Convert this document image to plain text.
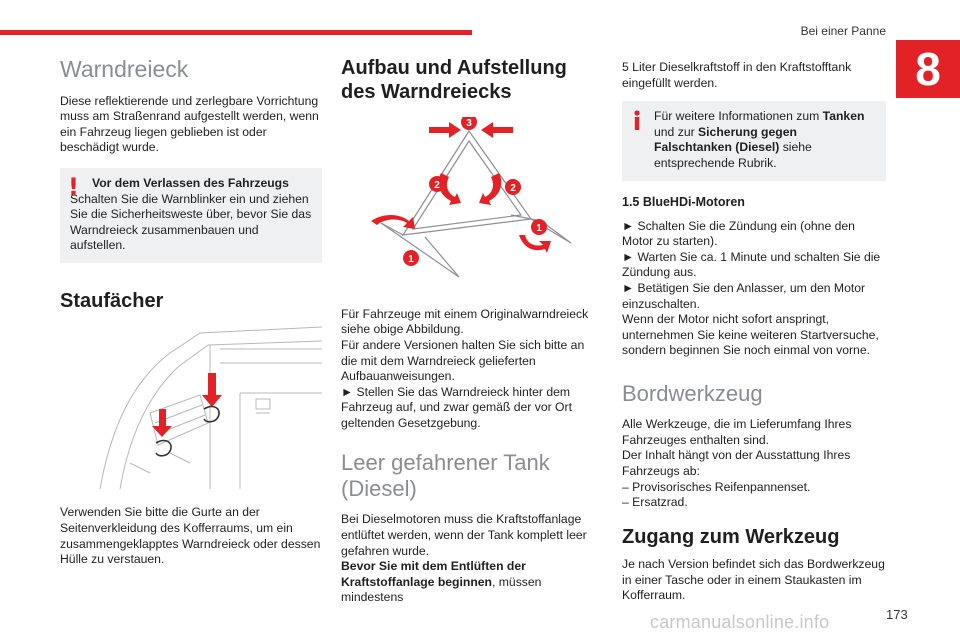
Bei einer Panne
8
Warndreieck

Diese reflektierende und zerlegbare Vorrichtung muss am Straßenrand aufgestellt werden, wenn ein Fahrzeug liegen geblieben ist oder beschädigt wurde.

!	Vor dem Verlassen des Fahrzeugs
Schalten Sie die Warnblinker ein und ziehen Sie die Sicherheitsweste über, bevor Sie das Warndreieck zusammenbauen und aufstellen.
Staufächer

Verwenden Sie bitte die Gurte an der Seitenverkleidung des Kofferraums, um ein zusammengeklapptes Warndreieck oder dessen Hülle zu verstauen.

Aufbau und Aufstellung des Warndreiecks
3
2	2
1
1

Für Fahrzeuge mit einem Originalwarndreieck siehe obige Abbildung.

Für andere Versionen halten Sie sich bitte an die mit dem Warndreieck gelieferten Aufbauanweisungen.

► Stellen Sie das Warndreieck hinter dem Fahrzeug auf, und zwar gemäß der vor Ort geltenden Gesetzgebung.

Leer gefahrener Tank (Diesel)

Bei Dieselmotoren muss die Kraftstoffanlage entlüftet werden, wenn der Tank komplett leer gefahren wurde.

Bevor Sie mit dem Entlüften der Kraftstoffanlage beginnen, müssen mindestens

5 Liter Dieselkraftstoff in den Kraftstofftank eingefüllt werden.

Für weitere Informationen zum Tanken und zur Sicherung gegen Falschtanken (Diesel) siehe entsprechende Rubrik.
1.5 BlueHDi-Motoren

► Schalten Sie die Zündung ein (ohne den Motor zu starten).

► Warten Sie ca. 1 Minute und schalten Sie die Zündung aus.

► Betätigen Sie den Anlasser, um den Motor einzuschalten.

Wenn der Motor nicht sofort anspringt, unternehmen Sie keine weiteren Startversuche, sondern beginnen Sie noch einmal von vorne.

Bordwerkzeug

Alle Werkzeuge, die im Lieferumfang Ihres Fahrzeuges enthalten sind.

Der Inhalt hängt von der Ausstattung Ihres Fahrzeugs ab:

– Provisorisches Reifenpannenset.

– Ersatzrad.

Zugang zum Werkzeug

Je nach Version befindet sich das Bordwerkzeug in einer Tasche oder in einem Staukasten im Kofferraum.

carmanualsonline.info	173
